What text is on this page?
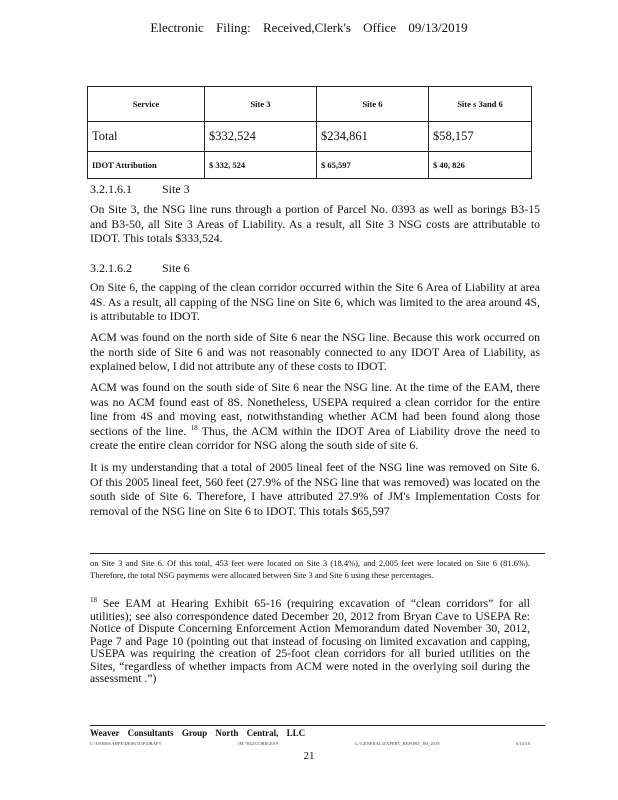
Electronic Filing: Received,Clerk's Office 09/13/2019
Service	Site 3	Site 6	Site s 3and 6
Total	$332,524	$234,861	$58,157
IDOT Attribution	$ 332, 524	$ 65,597	$ 40, 826
3.2.1.6.1	Site 3

On Site 3, the NSG line runs through a portion of Parcel No. 0393 as well as borings B3-15 and B3-50, all Site 3 Areas of Liability. As a result, all Site 3 NSG costs are attributable to IDOT. This totals $333,524.

3.2.1.6.2	Site 6

On Site 6, the capping of the clean corridor occurred within the Site 6 Area of Liability at area 4S. As a result, all capping of the NSG line on Site 6, which was limited to the area around 4S, is attributable to IDOT.

ACM was found on the north side of Site 6 near the NSG line. Because this work occurred on the north side of Site 6 and was not reasonably connected to any IDOT Area of Liability, as explained below, I did not attribute any of these costs to IDOT.

ACM was found on the south side of Site 6 near the NSG line. At the time of the EAM, there was no ACM found east of 8S. Nonetheless, USEPA required a clean corridor for the entire line from 4S and moving east, notwithstanding whether ACM had been found along those sections of the line. $^{18}$ Thus, the ACM within the IDOT Area of Liability drove the need to create the entire clean corridor for NSG along the south side of site 6.

It is my understanding that a total of 2005 lineal feet of the NSG line was removed on Site 6. Of this 2005 lineal feet, 560 feet (27.9% of the NSG line that was removed) was located on the south side of Site 6. Therefore, I have attributed 27.9% of JM's Implementation Costs for removal of the NSG line on Site 6 to IDOT. This totals $65,597

on Site 3 and Site 6. Of this total, 453 feet were located on Site 3 (18.4%), and 2,005 feet were located on Site 6 (81.6%). Therefore, the total NSG payments were allocated between Site 3 and Site 6 using these percentages.

$^{18}$ See EAM at Hearing Exhibit 65-16 (requiring excavation of “clean corridors” for all utilities); see also correspondence dated December 20, 2012 from Bryan Cave to USEPA Re: Notice of Dispute Concerning Enforcement Action Memorandum dated November 30, 2012, Page 7 and Page 10 (pointing out that instead of focusing on limited excavation and capping, USEPA was requiring the creation of 25-foot clean corridors for all buried utilities on the Sites, “regardless of whether impacts from ACM were noted in the overlying soil during the assessment .”)

Weaver Consultants Group North Central, LLC
C:\USERS\AHPE\DESKTOP\DRAFT	JM 7842\CORR\2019	G:\GENERAL\EXPERT_REPORT_JM_2019	6/14/18
21
